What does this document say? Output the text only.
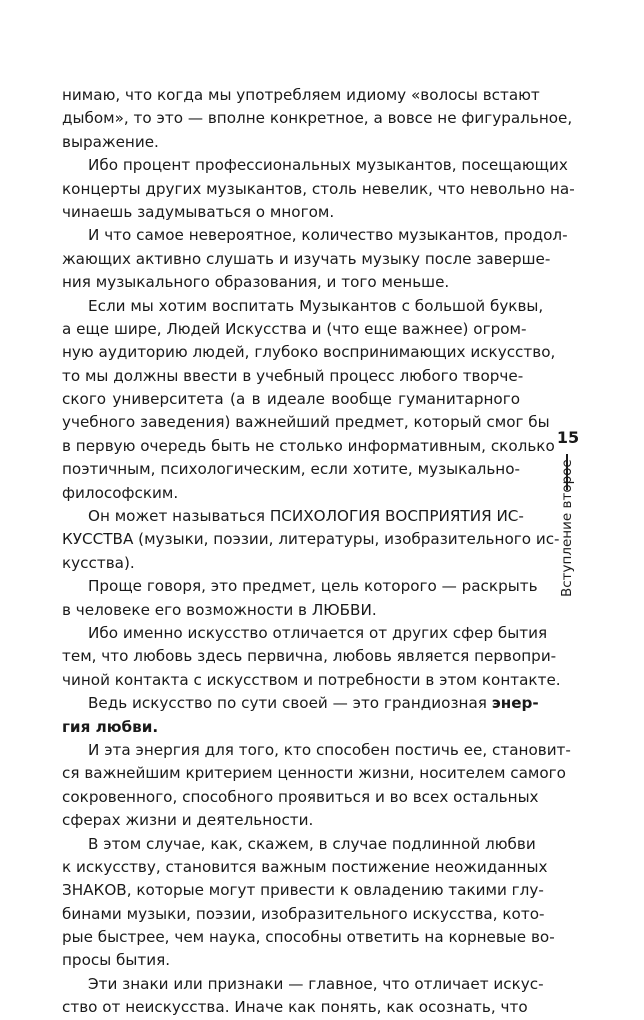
нимаю, что когда мы употребляем идиому «волосы встают
дыбом», то это — вполне конкретное, а вовсе не фигуральное,
выражение.
Ибо процент профессиональных музыкантов, посещающих
концерты других музыкантов, столь невелик, что невольно на-
чинаешь задумываться о многом.
И что самое невероятное, количество музыкантов, продол-
жающих активно слушать и изучать музыку после заверше-
ния музыкального образования, и того меньше.
Если мы хотим воспитать Музыкантов с большой буквы,
а еще шире, Людей Искусства и (что еще важнее) огром-
ную аудиторию людей, глубоко воспринимающих искусство,
то мы должны ввести в учебный процесс любого творче-
ского университета (а в идеале вообще гуманитарного
учебного заведения) важнейший предмет, который смог бы
в первую очередь быть не столько информативным, сколько
поэтичным, психологическим, если хотите, музыкально-
философским.
Он может называться ПСИХОЛОГИЯ ВОСПРИЯТИЯ ИС-
КУССТВА (музыки, поэзии, литературы, изобразительного ис-
кусства).
Проще говоря, это предмет, цель которого — раскрыть
в человеке его возможности в ЛЮБВИ.
Ибо именно искусство отличается от других сфер бытия
тем, что любовь здесь первична, любовь является первопри-
чиной контакта с искусством и потребности в этом контакте.
Ведь искусство по сути своей — это грандиозная энер-
гия любви.
И эта энергия для того, кто способен постичь ее, становит-
ся важнейшим критерием ценности жизни, носителем самого
сокровенного, способного проявиться и во всех остальных
сферах жизни и деятельности.
В этом случае, как, скажем, в случае подлинной любви
к искусству, становится важным постижение неожиданных
ЗНАКОВ, которые могут привести к овладению такими глу-
бинами музыки, поэзии, изобразительного искусства, кото-
рые быстрее, чем наука, способны ответить на корневые во-
просы бытия.
Эти знаки или признаки — главное, что отличает искус-
ство от неискусства. Иначе как понять, как осознать, что
15
Вступление второе
